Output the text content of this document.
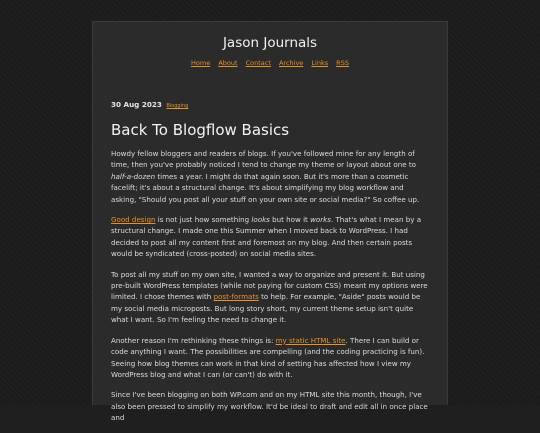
Jason Journals
Home About Contact Archive Links RSS
30 Aug 2023 Blogging
Back To Blogflow Basics

Howdy fellow bloggers and readers of blogs. If you've followed mine for any length of time, then you've probably noticed I tend to change my theme or layout about one to half-a-dozen times a year. I might do that again soon. But it's more than a cosmetic facelift; it's about a structural change. It's about simplifying my blog workflow and asking, "Should you post all your stuff on your own site or social media?" So coffee up.

Good design is not just how something looks but how it works. That's what I mean by a structural change. I made one this Summer when I moved back to WordPress. I had decided to post all my content first and foremost on my blog. And then certain posts would be syndicated (cross-posted) on social media sites.

To post all my stuff on my own site, I wanted a way to organize and present it. But using pre-built WordPress templates (while not paying for custom CSS) meant my options were limited. I chose themes with post-formats to help. For example, "Aside" posts would be my social media microposts. But long story short, my current theme setup isn't quite what I want. So I'm feeling the need to change it.

Another reason I'm rethinking these things is: my static HTML site. There I can build or code anything I want. The possibilities are compelling (and the coding practicing is fun). Seeing how blog themes can work in that kind of setting has affected how I view my WordPress blog and what I can (or can't) do with it.

Since I've been blogging on both WP.com and on my HTML site this month, though, I've also been pressed to simplify my workflow. It'd be ideal to draft and edit all in once place and
